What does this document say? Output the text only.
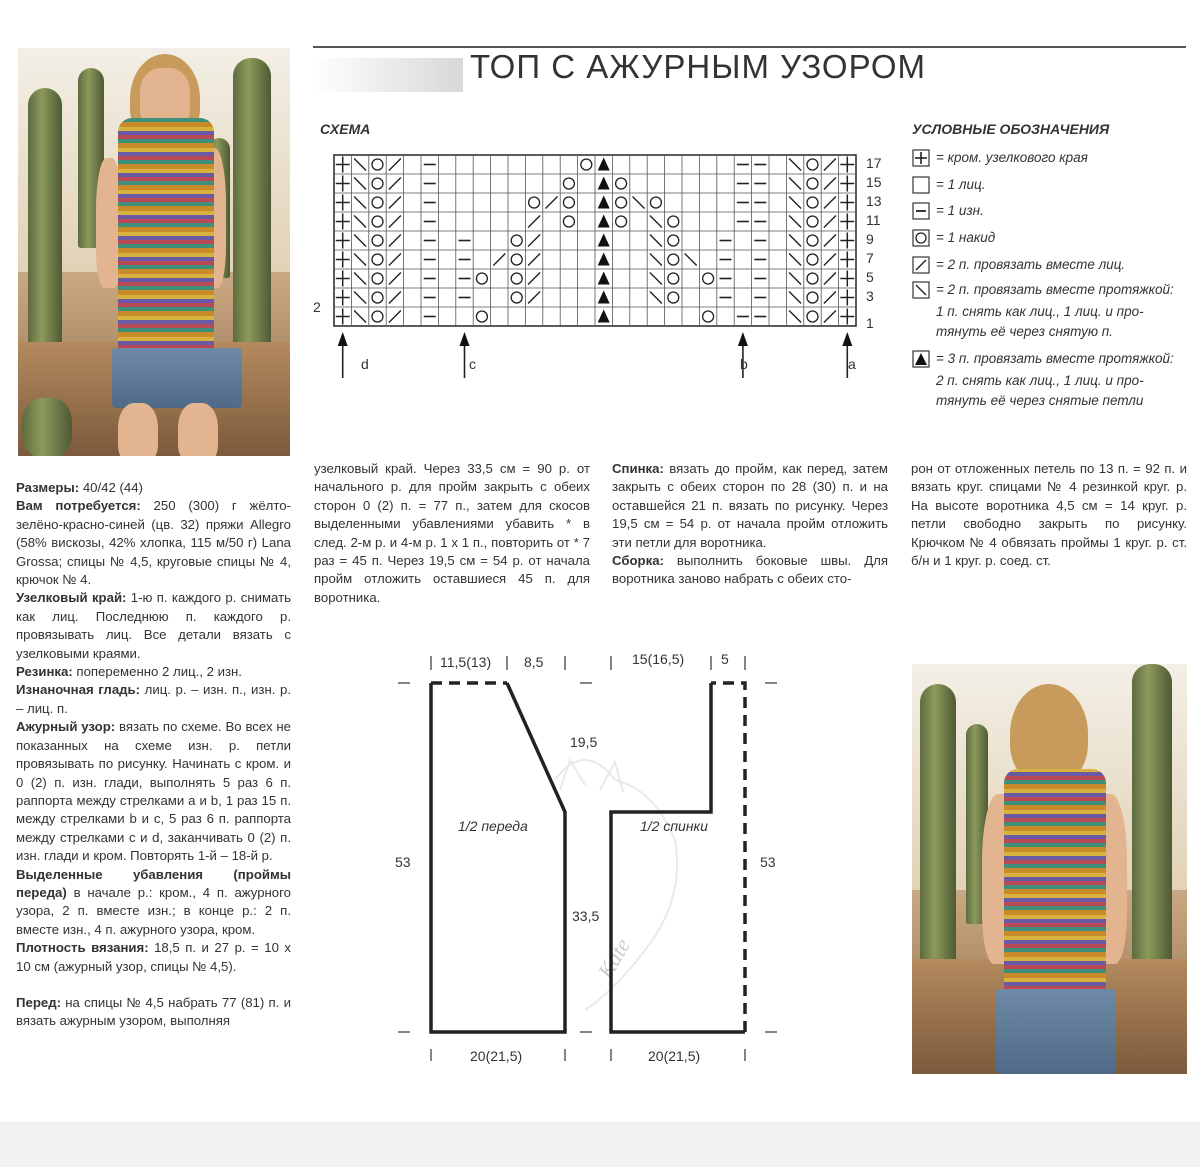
ТОП С АЖУРНЫМ УЗОРОМ
СХЕМА	УСЛОВНЫЕ ОБОЗНАЧЕНИЯ
2
17
15
13
11
9
7
5
3
1
d	c	b	a
= кром. узелкового края
= 1 лиц.
= 1 изн.
= 1 накид
= 2 п. провязать вместе лиц.
= 2 п. провязать вместе протяжкой:
1 п. снять как лиц., 1 лиц. и про-
тянуть её через снятую п.
= 3 п. провязать вместе протяжкой:
2 п. снять как лиц., 1 лиц. и про-
тянуть её через снятые петли

Размеры: 40/42 (44)

Вам потребуется: 250 (300) г жёлто-зелёно-красно-синей (цв. 32) пряжи Allegro (58% вискозы, 42% хлопка, 115 м/50 г) Lana Grossa; спицы № 4,5, круговые спицы № 4, крючок № 4.

Узелковый край: 1-ю п. каждого р. снимать как лиц. Последнюю п. каждого р. провязывать лиц. Все детали вязать с узелковыми краями.

Резинка: попеременно 2 лиц., 2 изн.

Изнаночная гладь: лиц. р. – изн. п., изн. р. – лиц. п.

Ажурный узор: вязать по схеме. Во всех не показанных на схеме изн. р. петли провязывать по рисунку. Начинать с кром. и 0 (2) п. изн. глади, выполнять 5 раз 6 п. раппорта между стрелками a и b, 1 раз 15 п. между стрелками b и c, 5 раз 6 п. раппорта между стрелками c и d, заканчивать 0 (2) п. изн. глади и кром. Повторять 1-й – 18-й р.

Выделенные убавления (проймы переда) в начале р.: кром., 4 п. ажурного узора, 2 п. вместе изн.; в конце р.: 2 п. вместе изн., 4 п. ажурного узора, кром.

Плотность вязания: 18,5 п. и 27 р. = 10 x 10 см (ажурный узор, спицы № 4,5).

Перед: на спицы № 4,5 набрать 77 (81) п. и вязать ажурным узором, выполняя

узелковый край. Через 33,5 см = 90 р. от начального р. для пройм закрыть с обеих сторон 0 (2) п. = 77 п., затем для скосов выделенными убавлениями убавить * в след. 2-м р. и 4-м р. 1 x 1 п., повторить от * 7 раз = 45 п. Через 19,5 см = 54 р. от начала пройм отложить оставшиеся 45 п. для воротника.

Спинка: вязать до пройм, как перед, затем закрыть с обеих сторон по 28 (30) п. и на оставшейся 21 п. вязать по рисунку. Через 19,5 см = 54 р. от начала пройм отложить эти петли для воротника.

Сборка: выполнить боковые швы. Для воротника заново набрать с обеих сто-

рон от отложенных петель по 13 п. = 92 п. и вязать круг. спицами № 4 резинкой круг. р. На высоте воротника 4,5 см = 14 круг. р. петли свободно закрыть по рисунку. Крючком № 4 обвязать проймы 1 круг. р. ст. б/н и 1 круг. р. соед. ст.
Kate
11,5(13) 8,5	15(16,5)	5
19,5
33,5
53	53
20(21,5)	20(21,5)
1/2 переда	1/2 спинки
